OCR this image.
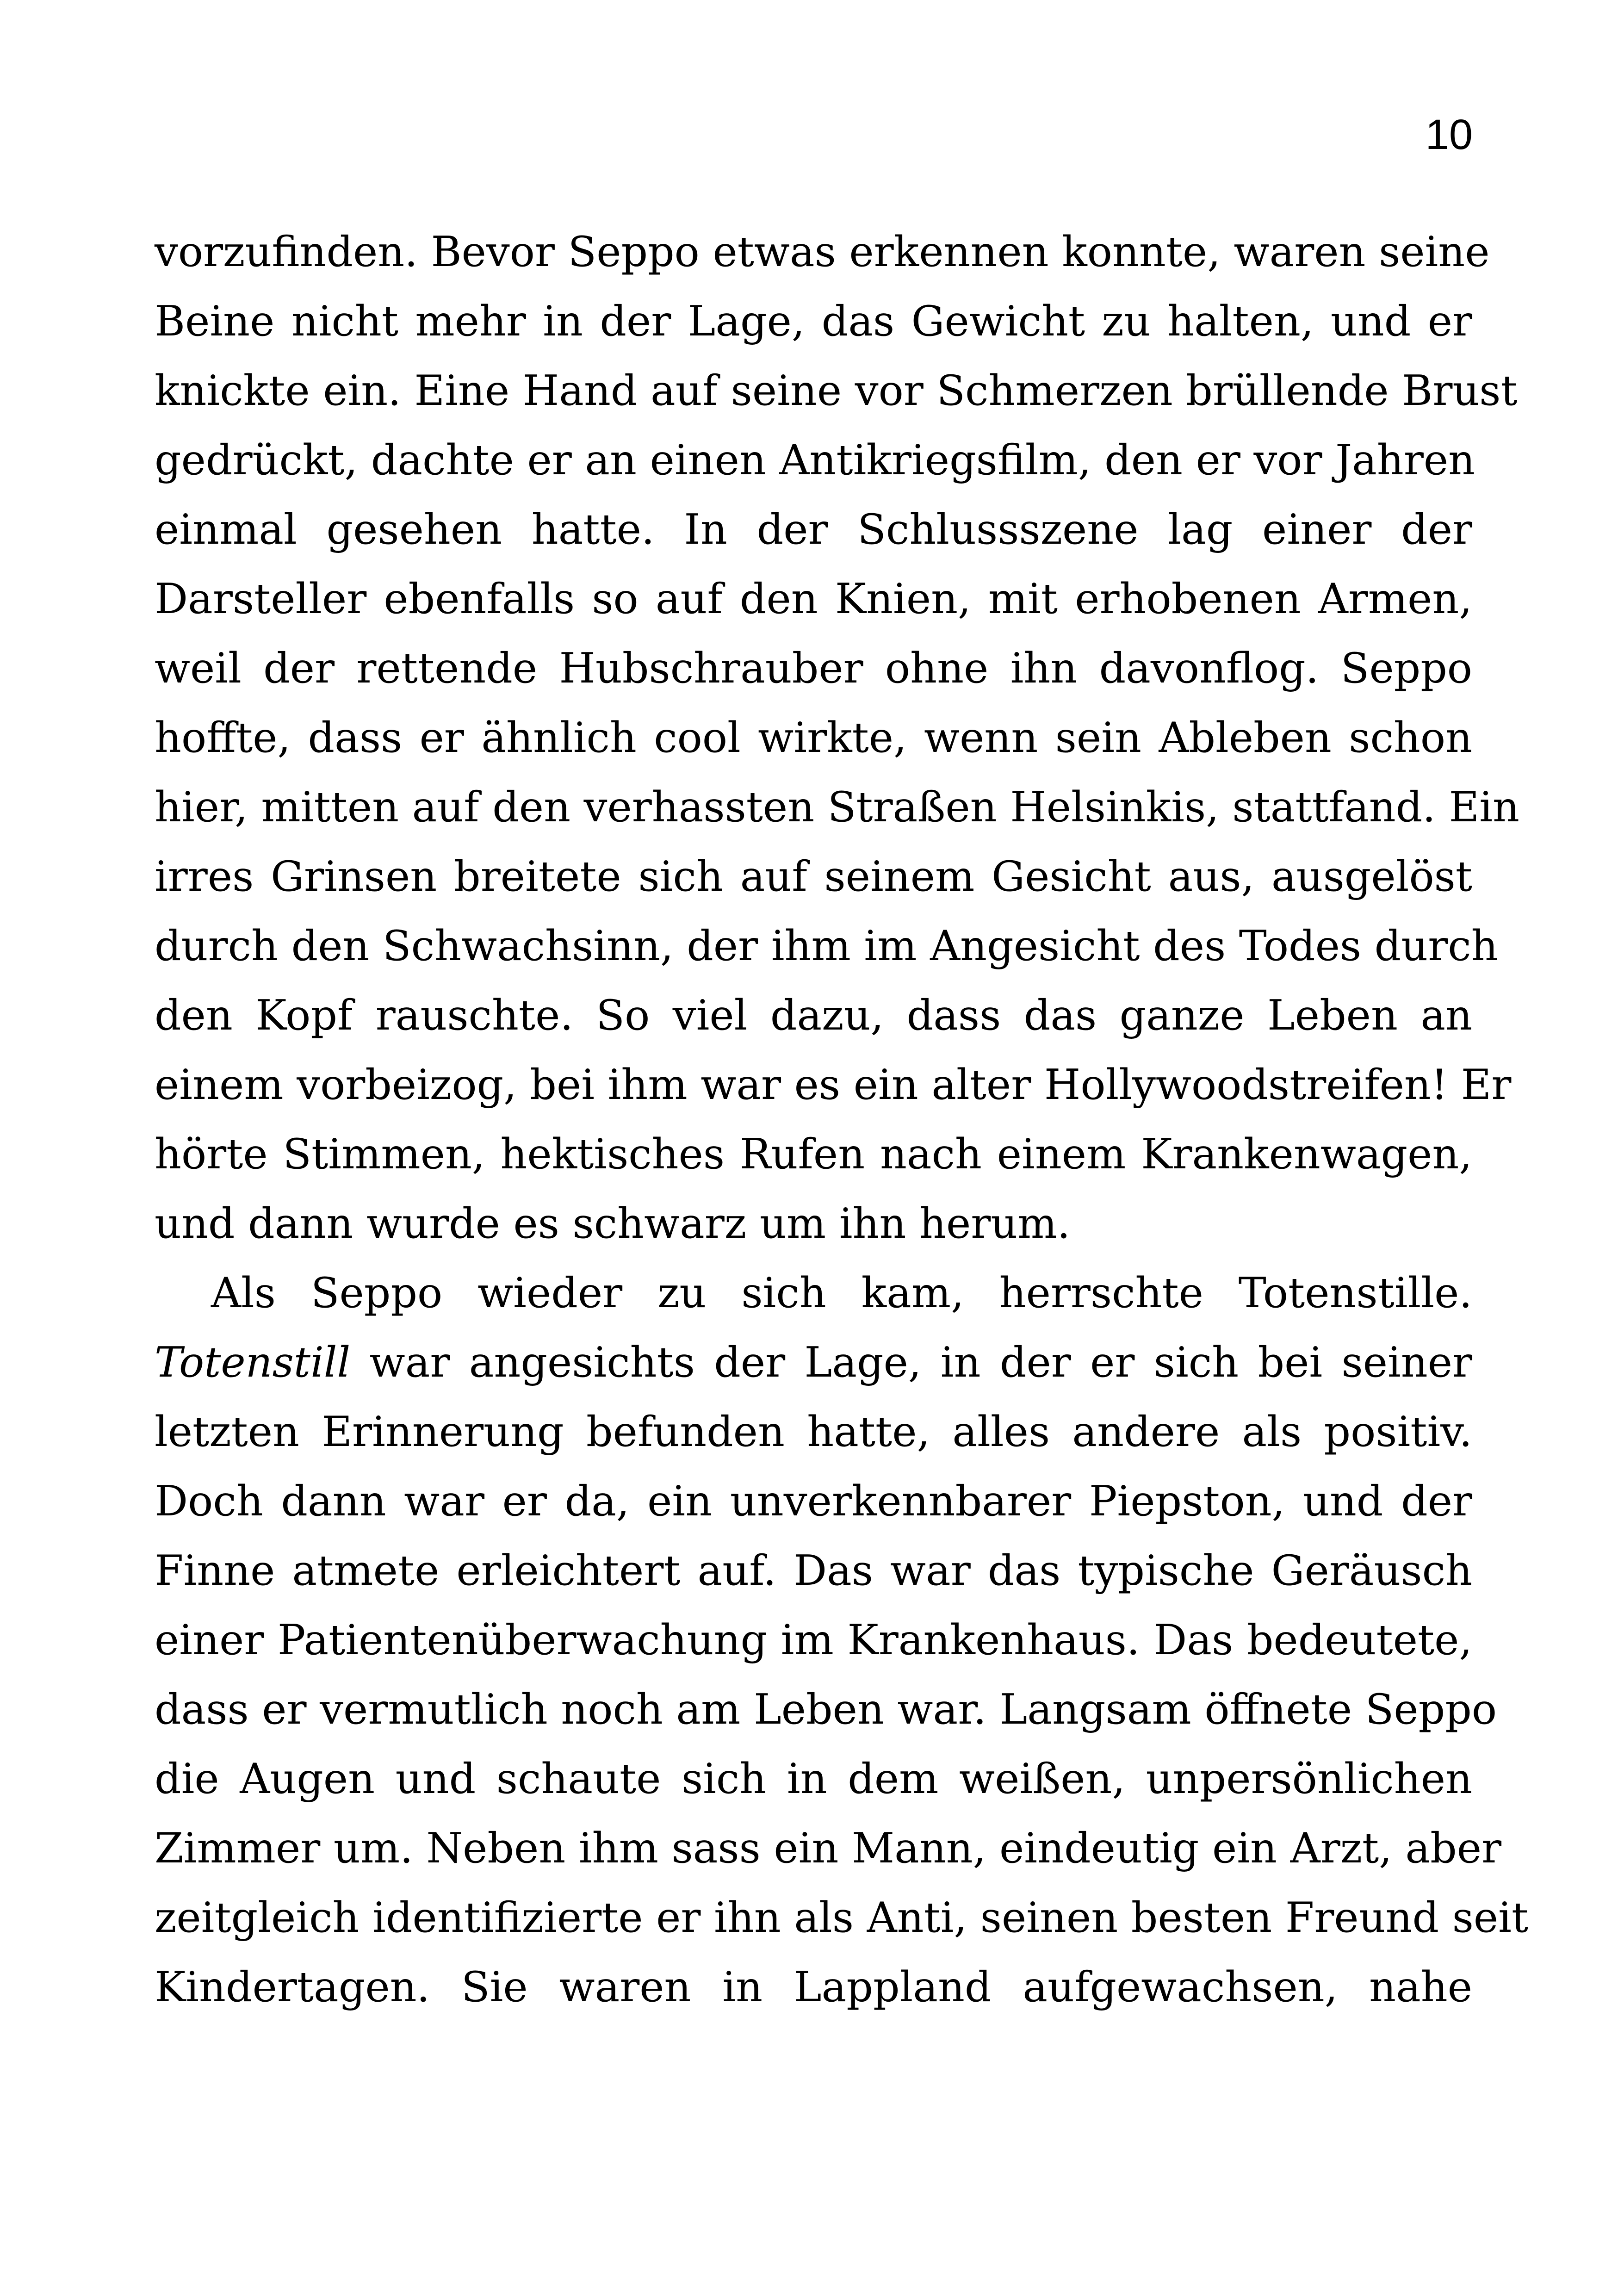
10
vorzufinden. Bevor Seppo etwas erkennen konnte, waren seine
Beine nicht mehr in der Lage, das Gewicht zu halten, und er
knickte ein. Eine Hand auf seine vor Schmerzen brüllende Brust
gedrückt, dachte er an einen Antikriegsfilm, den er vor Jahren
einmal gesehen hatte. In der Schlussszene lag einer der
Darsteller ebenfalls so auf den Knien, mit erhobenen Armen,
weil der rettende Hubschrauber ohne ihn davonflog. Seppo
hoffte, dass er ähnlich cool wirkte, wenn sein Ableben schon
hier, mitten auf den verhassten Straßen Helsinkis, stattfand. Ein
irres Grinsen breitete sich auf seinem Gesicht aus, ausgelöst
durch den Schwachsinn, der ihm im Angesicht des Todes durch
den Kopf rauschte. So viel dazu, dass das ganze Leben an
einem vorbeizog, bei ihm war es ein alter Hollywoodstreifen! Er
hörte Stimmen, hektisches Rufen nach einem Krankenwagen,
und dann wurde es schwarz um ihn herum.
Als Seppo wieder zu sich kam, herrschte Totenstille.
Totenstill war angesichts der Lage, in der er sich bei seiner
letzten Erinnerung befunden hatte, alles andere als positiv.
Doch dann war er da, ein unverkennbarer Piepston, und der
Finne atmete erleichtert auf. Das war das typische Geräusch
einer Patientenüberwachung im Krankenhaus. Das bedeutete,
dass er vermutlich noch am Leben war. Langsam öffnete Seppo
die Augen und schaute sich in dem weißen, unpersönlichen
Zimmer um. Neben ihm sass ein Mann, eindeutig ein Arzt, aber
zeitgleich identifizierte er ihn als Anti, seinen besten Freund seit
Kindertagen. Sie waren in Lappland aufgewachsen, nahe
